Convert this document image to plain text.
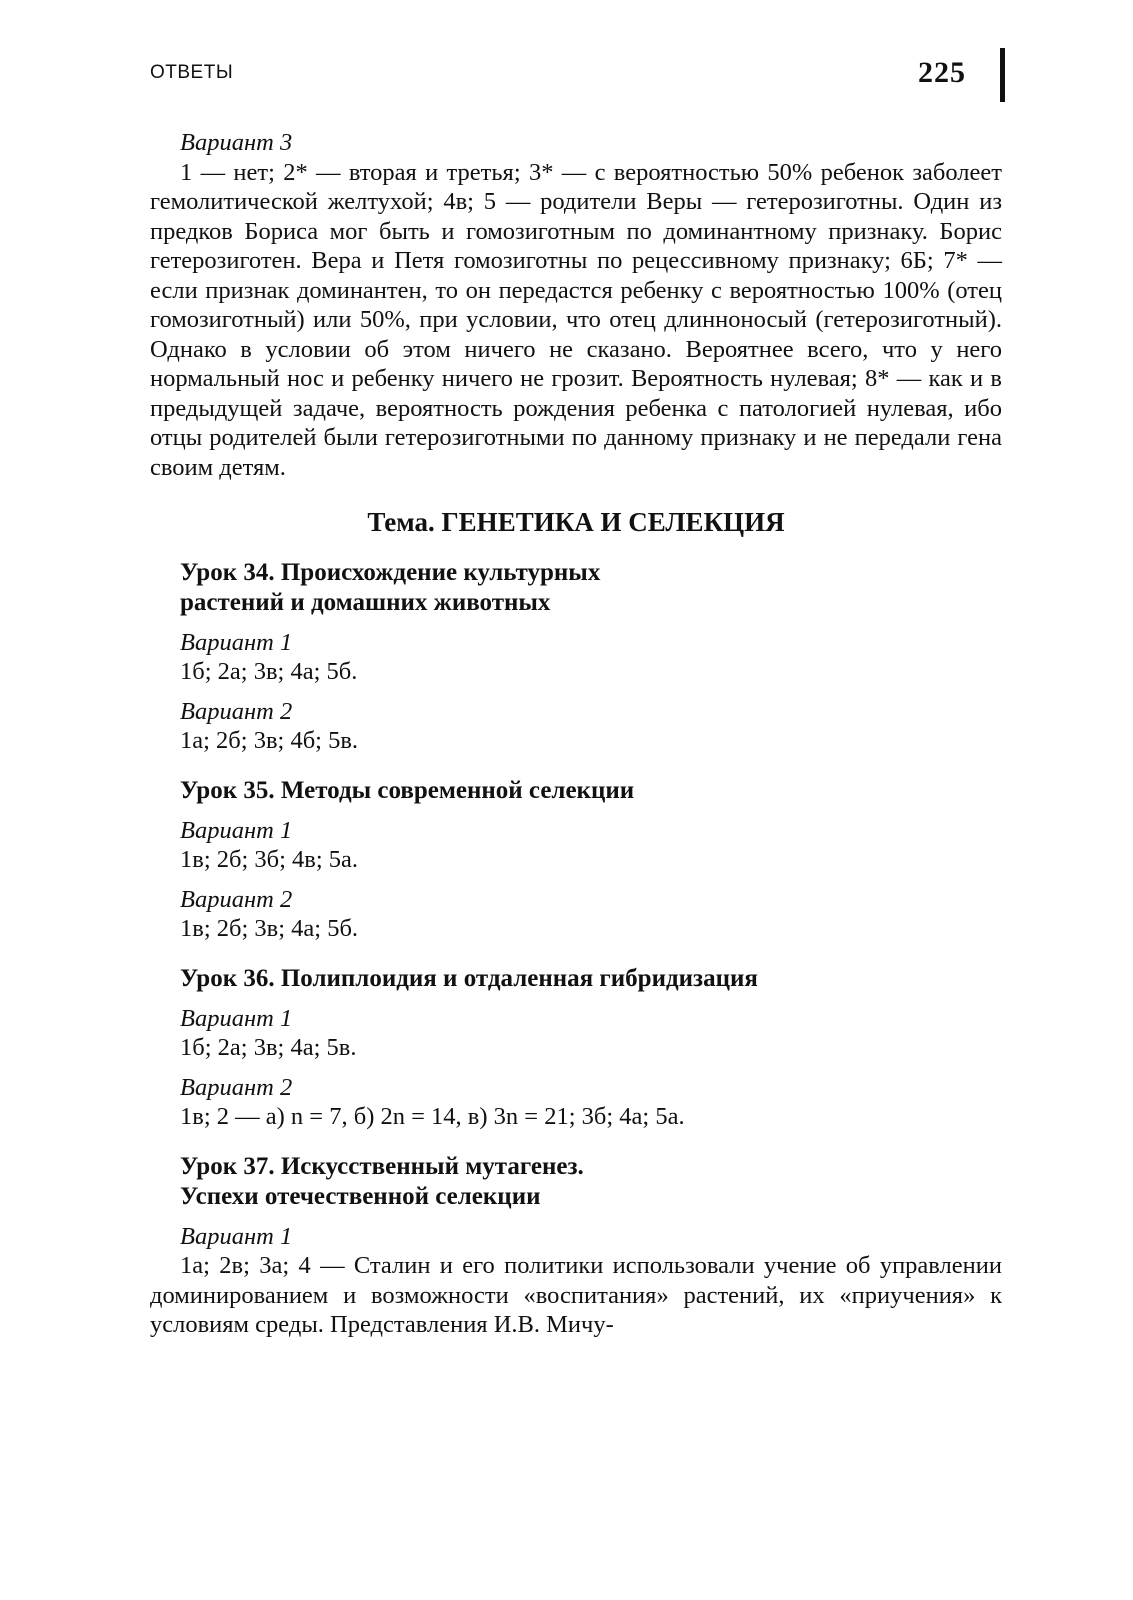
ОТВЕТЫ	225
Вариант 3
1 — нет; 2* — вторая и третья; 3* — с вероятностью 50% ребенок заболеет гемолитической желтухой; 4в; 5 — родители Веры — гетерозиготны. Один из предков Бориса мог быть и гомозиготным по доминантному признаку. Борис гетерозиготен. Вера и Петя гомозиготны по рецессивному признаку; 6Б; 7* — если признак доминантен, то он передастся ребенку с вероятностью 100% (отец гомозиготный) или 50%, при условии, что отец длинноносый (гетерозиготный). Однако в условии об этом ничего не сказано. Вероятнее всего, что у него нормальный нос и ребенку ничего не грозит. Вероятность нулевая; 8* — как и в предыдущей задаче, вероятность рождения ребенка с патологией нулевая, ибо отцы родителей были гетерозиготными по данному признаку и не передали гена своим детям.
Тема. ГЕНЕТИКА И СЕЛЕКЦИЯ
Урок 34. Происхождение культурных
растений и домашних животных
Вариант 1
1б; 2а; 3в; 4а; 5б.
Вариант 2
1а; 2б; 3в; 4б; 5в.
Урок 35. Методы современной селекции
Вариант 1
1в; 2б; 3б; 4в; 5а.
Вариант 2
1в; 2б; 3в; 4а; 5б.
Урок 36. Полиплоидия и отдаленная гибридизация
Вариант 1
1б; 2а; 3в; 4а; 5в.
Вариант 2
1в; 2 — а) n = 7, б) 2n = 14, в) 3n = 21; 3б; 4а; 5а.
Урок 37. Искусственный мутагенез.
Успехи отечественной селекции
Вариант 1
1а; 2в; 3а; 4 — Сталин и его политики использовали учение об управлении доминированием и возможности «воспитания» растений, их «приучения» к условиям среды. Представления И.В. Мичу-
